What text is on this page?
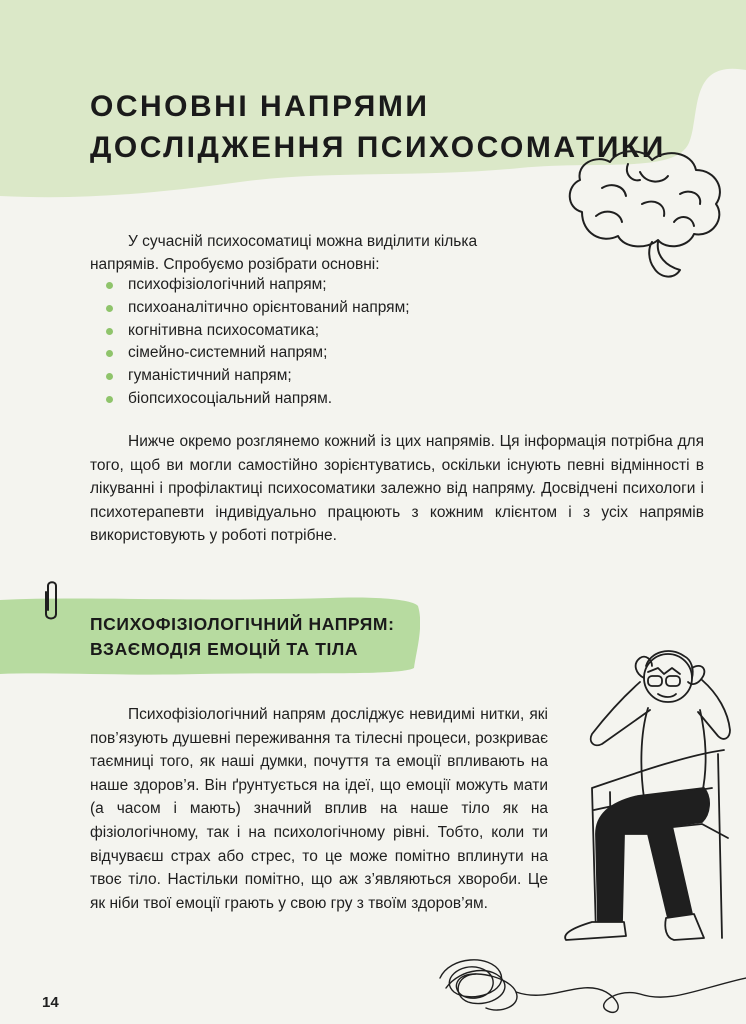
ОСНОВНІ НАПРЯМИ ДОСЛІДЖЕННЯ ПСИХОСОМАТИКИ

У сучасній психосоматиці можна виділити кілька напрямів. Спробуємо розібрати основні:

психофізіологічний напрям;
психоаналітично орієнтований напрям;
когнітивна психосоматика;
сімейно-системний напрям;
гуманістичний напрям;
біопсихосоціальний напрям.

Нижче окремо розглянемо кожний із цих напрямів. Ця інформація потрібна для того, щоб ви могли самостійно зорієнтуватись, оскільки існують певні відмінності в лікуванні і профілактиці психосоматики залежно від напряму. Досвідчені психологи і психотерапевти індивідуально працюють з кожним клієнтом і з усіх напрямів використовують у роботі потрібне.

ПСИХОФІЗІОЛОГІЧНИЙ НАПРЯМ:
ВЗАЄМОДІЯ ЕМОЦІЙ ТА ТІЛА

Психофізіологічний напрям досліджує невидимі нитки, які пов’язують душевні переживання та тілесні процеси, розкриває таємниці того, як наші думки, почуття та емоції впливають на наше здоров’я. Він ґрунтується на ідеї, що емоції можуть мати (а часом і мають) значний вплив на наше тіло як на фізіологічному, так і на психологічному рівні. Тобто, коли ти відчуваєш страх або стрес, то це може помітно вплинути на твоє тіло. Настільки помітно, що аж з’являються хвороби. Це як ніби твої емоції грають у свою гру з твоїм здоров’ям.

14
